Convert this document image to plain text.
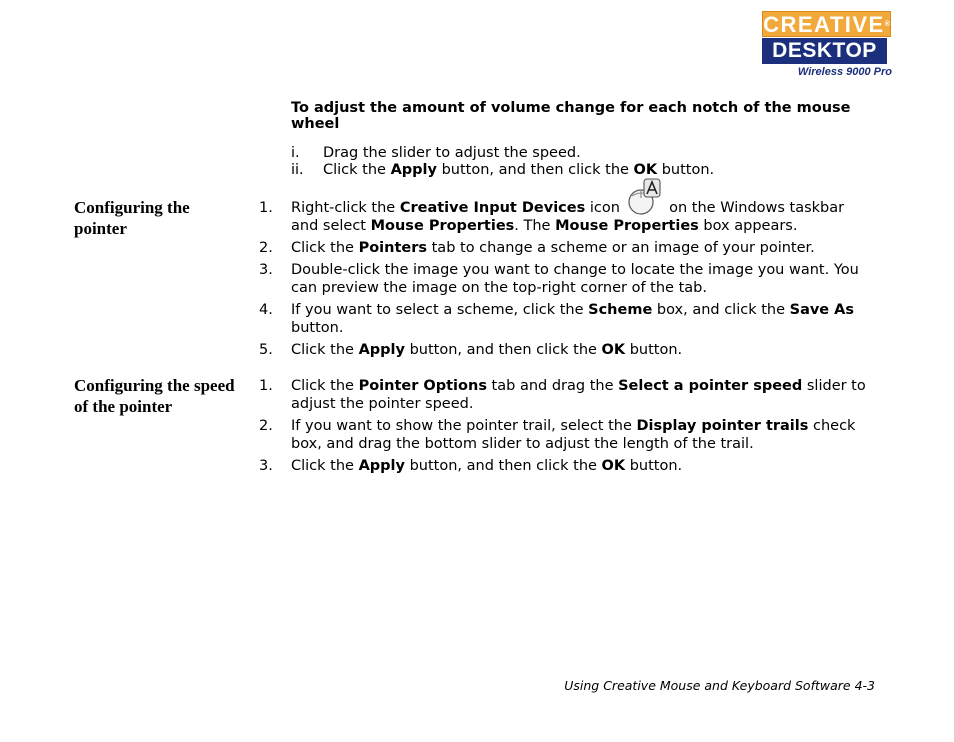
CREATIVE®
DESKTOP
Wireless 9000 Pro
To adjust the amount of volume change for each notch of the mouse wheel
i. Drag the slider to adjust the speed.
ii. Click the Apply button, and then click the OK button.
Configuring the pointer
1. Right-click the Creative Input Devices icon	on the Windows taskbar and select Mouse Properties. The Mouse Properties box appears.
2. Click the Pointers tab to change a scheme or an image of your pointer.
3. Double-click the image you want to change to locate the image you want. You can preview the image on the top-right corner of the tab.
4. If you want to select a scheme, click the Scheme box, and click the Save As button.
5. Click the Apply button, and then click the OK button.
Configuring the speed of the pointer
1. Click the Pointer Options tab and drag the Select a pointer speed slider to adjust the pointer speed.
2. If you want to show the pointer trail, select the Display pointer trails check box, and drag the bottom slider to adjust the length of the trail.
3. Click the Apply button, and then click the OK button.
Using Creative Mouse and Keyboard Software 4-3
